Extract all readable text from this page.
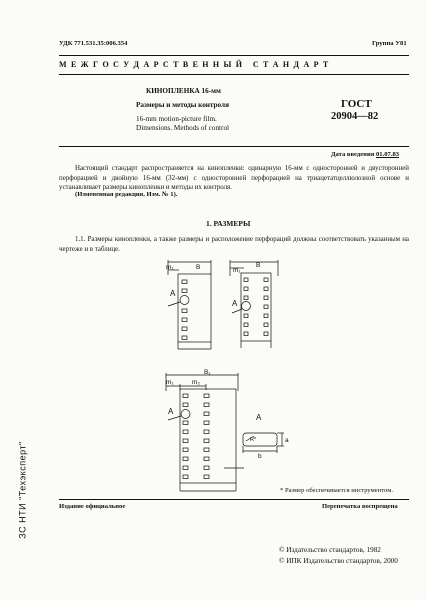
УДК 771.531.35:006.354	Группа У81
М Е Ж Г О С У Д А Р С Т В Е Н Н Ы Й   С Т А Н Д А Р Т
КИНОПЛЕНКА 16-мм
Размеры и методы контроля
16-mm motion-picture film.
Dimensions. Methods of control
ГОСТ
20904—82
Дата введения 01.07.83
Настоящий стандарт распространяется на кинопленки: одинарную 16-мм с односторонней и двусторонней перфорацией и двойную 16-мм (32-мм) с односторонней перфорацией на триацетатцеллюлозной основе и устанавливает размеры кинопленки и методы их контроля.
(Измененная редакция, Изм. № 1).
1. РАЗМЕРЫ
1.1. Размеры кинопленки, а также размеры и расположение перфораций должны соответствовать указанным на чертеже и в таблице.
m₁	B
A
m₁
B
A
B₁
m₁	m₂
A
A
R*	a
b
* Размер обеспечивается инструментом.
Издание официальное	Перепечатка воспрещена
© Издательство стандартов, 1982
© ИПК Издательство стандартов, 2000
ЗС НТИ "Техэксперт"
